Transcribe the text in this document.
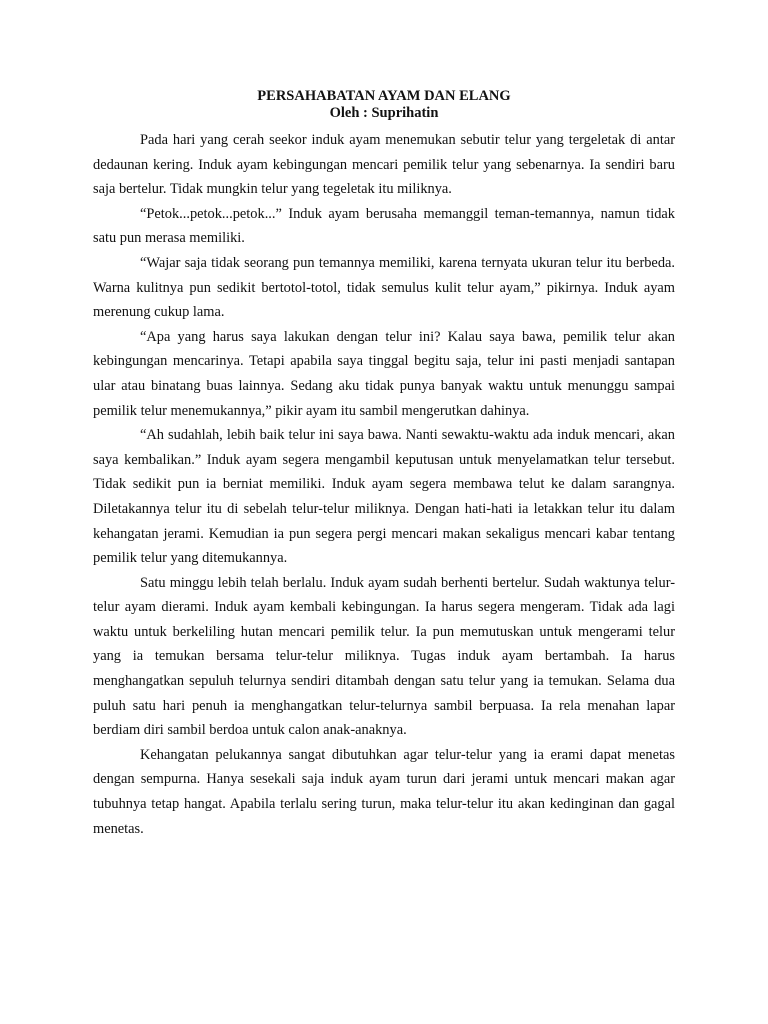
PERSAHABATAN AYAM DAN ELANG
Oleh : Suprihatin

Pada hari yang cerah seekor induk ayam menemukan sebutir telur yang tergeletak di antar dedaunan kering. Induk ayam kebingungan mencari pemilik telur yang sebenarnya. Ia sendiri baru saja bertelur. Tidak mungkin telur yang tegeletak itu miliknya.

“Petok...petok...petok...” Induk ayam berusaha memanggil teman-temannya, namun tidak satu pun merasa memiliki.

“Wajar saja tidak seorang pun temannya memiliki, karena ternyata ukuran telur itu berbeda. Warna kulitnya pun sedikit bertotol-totol, tidak semulus kulit telur ayam,” pikirnya. Induk ayam merenung cukup lama.

“Apa yang harus saya lakukan dengan telur ini? Kalau saya bawa, pemilik telur akan kebingungan mencarinya. Tetapi apabila saya tinggal begitu saja, telur ini pasti menjadi santapan ular atau binatang buas lainnya. Sedang aku tidak punya banyak waktu untuk menunggu sampai pemilik telur menemukannya,” pikir ayam itu sambil mengerutkan dahinya.

“Ah sudahlah, lebih baik telur ini saya bawa. Nanti sewaktu-waktu ada induk mencari, akan saya kembalikan.” Induk ayam segera mengambil keputusan untuk menyelamatkan telur tersebut. Tidak sedikit pun ia berniat memiliki. Induk ayam segera membawa telut ke dalam sarangnya. Diletakannya telur itu di sebelah telur-telur miliknya. Dengan hati-hati ia letakkan telur itu dalam kehangatan jerami. Kemudian ia pun segera pergi mencari makan sekaligus mencari kabar tentang pemilik telur yang ditemukannya.

Satu minggu lebih telah berlalu. Induk ayam sudah berhenti bertelur. Sudah waktunya telur-telur ayam dierami. Induk ayam kembali kebingungan. Ia harus segera mengeram. Tidak ada lagi waktu untuk berkeliling hutan mencari pemilik telur. Ia pun memutuskan untuk mengerami telur yang ia temukan bersama telur-telur miliknya. Tugas induk ayam bertambah. Ia harus menghangatkan sepuluh telurnya sendiri ditambah dengan satu telur yang ia temukan. Selama dua puluh satu hari penuh ia menghangatkan telur-telurnya sambil berpuasa. Ia rela menahan lapar berdiam diri sambil berdoa untuk calon anak-anaknya.

Kehangatan pelukannya sangat dibutuhkan agar telur-telur yang ia erami dapat menetas dengan sempurna. Hanya sesekali saja induk ayam turun dari jerami untuk mencari makan agar tubuhnya tetap hangat. Apabila terlalu sering turun, maka telur-telur itu akan kedinginan dan gagal menetas.
